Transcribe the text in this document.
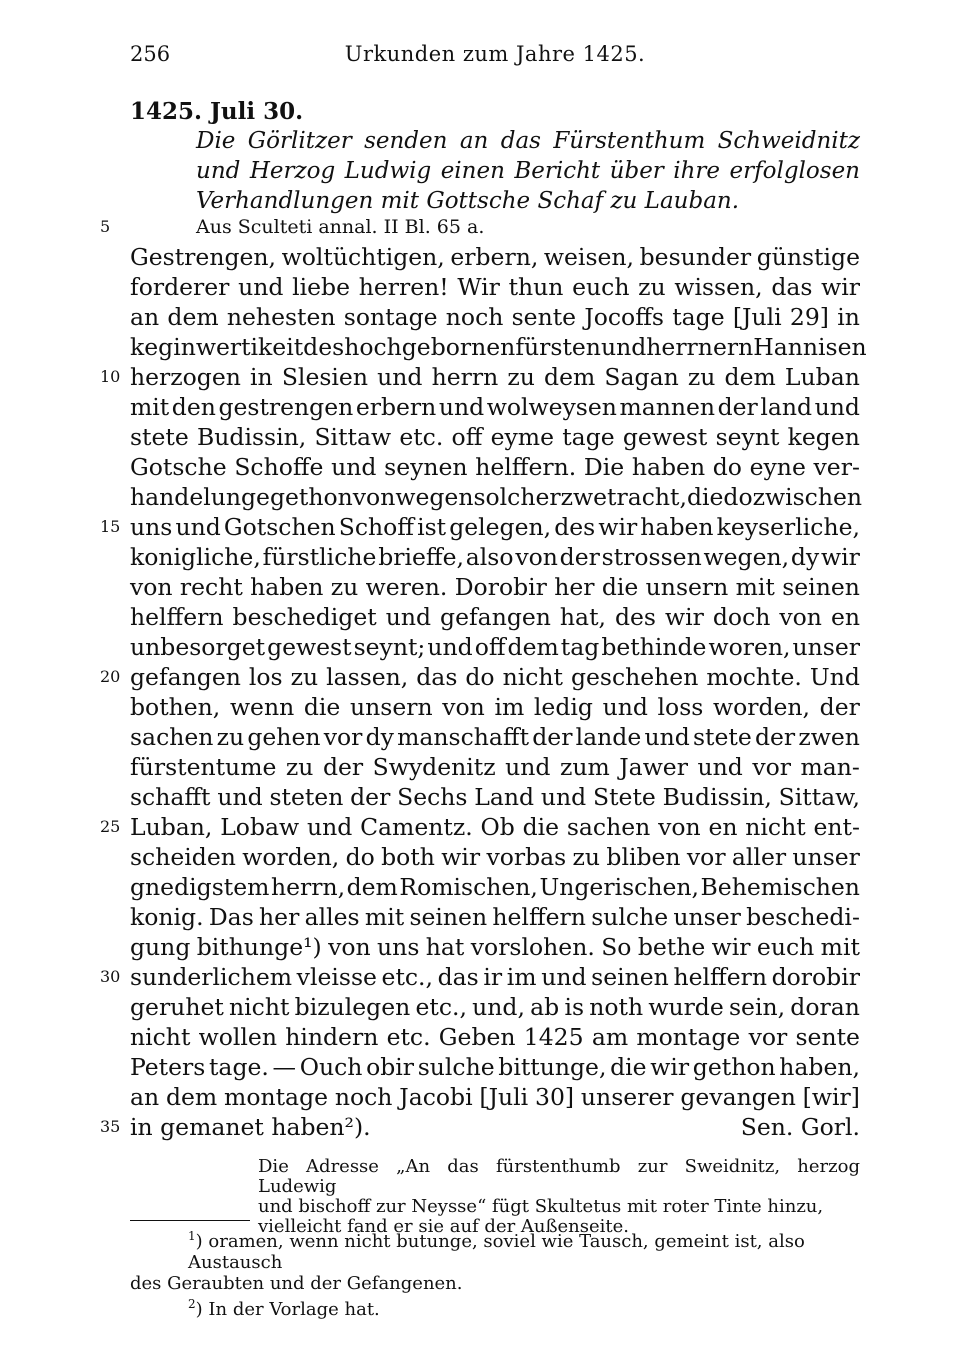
256	Urkunden zum Jahre 1425.
1425. Juli 30.
Die Görlitzer senden an das Fürstenthum Schweidnitz und Herzog Ludwig einen Bericht über ihre erfolglosen Verhandlungen mit Gottsche Schaf zu Lauban.
Aus Sculteti annal. II Bl. 65 a.
5
10
15
20
25
30
35
Gestrengen, woltüchtigen, erbern, weisen, besunder günstige
forderer und liebe herren! Wir thun euch zu wissen, das wir
an dem nehesten sontage noch sente Jocoffs tage [Juli 29] in
keginwertikeit des hochgebornen fürsten und herrn ern Hannisen
herzogen in Slesien und herrn zu dem Sagan zu dem Luban
mit den gestrengen erbern und wolweysen mannen der land und
stete Budissin, Sittaw etc. off eyme tage gewest seynt kegen
Gotsche Schoffe und seynen helffern. Die haben do eyne ver-
handelunge gethon von wegen solcher zwetracht, die do zwischen
uns und Gotschen Schoff ist gelegen, des wir haben keyserliche,
konigliche, fürstliche brieffe, also von der strossen wegen, dy wir
von recht haben zu weren. Dorobir her die unsern mit seinen
helffern beschediget und gefangen hat, des wir doch von en
unbesorget gewest seynt; und off dem tag bethinde woren, unser
gefangen los zu lassen, das do nicht geschehen mochte. Und
bothen, wenn die unsern von im ledig und loss worden, der
sachen zu gehen vor dy manschafft der lande und stete der zwen
fürstentume zu der Swydenitz und zum Jawer und vor man-
schafft und steten der Sechs Land und Stete Budissin, Sittaw,
Luban, Lobaw und Camentz. Ob die sachen von en nicht ent-
scheiden worden, do both wir vorbas zu bliben vor aller unser
gnedigstem herrn, dem Romischen, Ungerischen, Behemischen
konig. Das her alles mit seinen helffern sulche unser beschedi-
gung bithunge¹) von uns hat vorslohen. So bethe wir euch mit
sunderlichem vleisse etc., das ir im und seinen helffern dorobir
geruhet nicht bizulegen etc., und, ab is noth wurde sein, doran
nicht wollen hindern etc. Geben 1425 am montage vor sente
Peters tage. — Ouch obir sulche bittunge, die wir gethon haben,
an dem montage noch Jacobi [Juli 30] unserer gevangen [wir]
in gemanet haben²).	Sen. Gorl.
Die Adresse „An das fürstenthumb zur Sweidnitz, herzog Ludewig
und bischoff zur Neysse“ fügt Skultetus mit roter Tinte hinzu,
vielleicht fand er sie auf der Außenseite.
$^1$) oramen, wenn nicht butunge, soviel wie Tausch, gemeint ist, also Austausch
des Geraubten und der Gefangenen.
$^2$) In der Vorlage hat.
